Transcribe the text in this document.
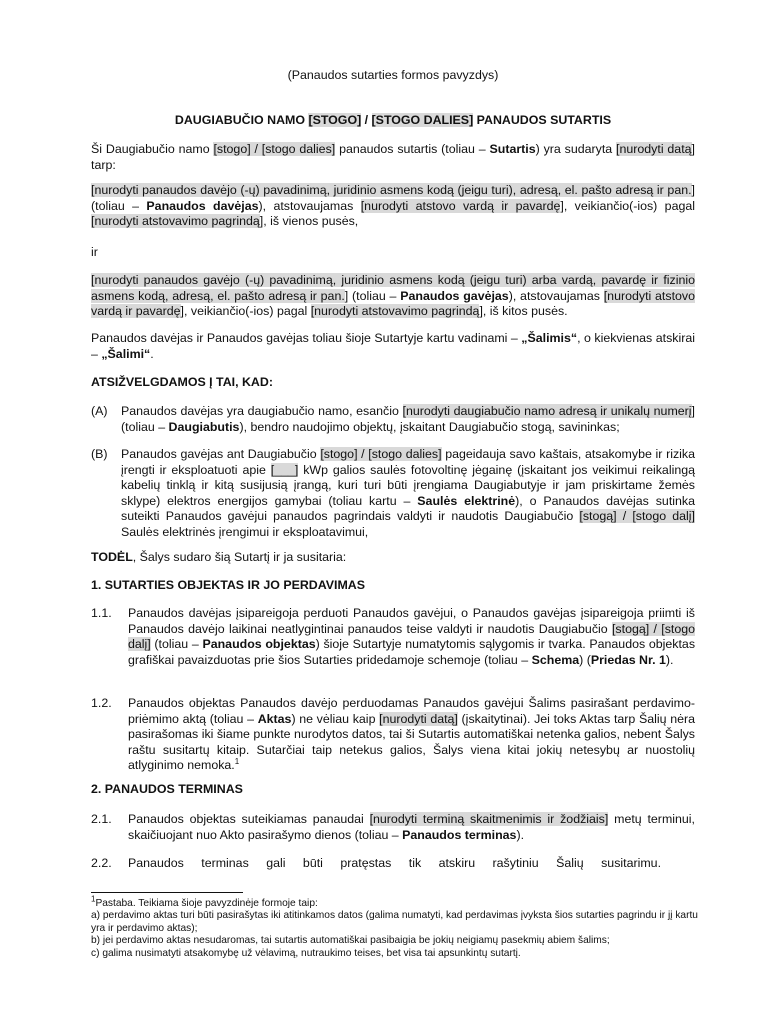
(Panaudos sutarties formos pavyzdys)
DAUGIABUČIO NAMO [STOGO] / [STOGO DALIES] PANAUDOS SUTARTIS
Ši Daugiabučio namo [stogo] / [stogo dalies] panaudos sutartis (toliau – Sutartis) yra sudaryta [nurodyti datą] tarp:
[nurodyti panaudos davėjo (-ų) pavadinimą, juridinio asmens kodą (jeigu turi), adresą, el. pašto adresą ir pan.] (toliau – Panaudos davėjas), atstovaujamas [nurodyti atstovo vardą ir pavardę], veikiančio(-ios) pagal [nurodyti atstovavimo pagrindą], iš vienos pusės,
ir
[nurodyti panaudos gavėjo (-ų) pavadinimą, juridinio asmens kodą (jeigu turi) arba vardą, pavardę ir fizinio asmens kodą, adresą, el. pašto adresą ir pan.] (toliau – Panaudos gavėjas), atstovaujamas [nurodyti atstovo vardą ir pavardę], veikiančio(-ios) pagal [nurodyti atstovavimo pagrindą], iš kitos pusės.
Panaudos davėjas ir Panaudos gavėjas toliau šioje Sutartyje kartu vadinami – „Šalimis“, o kiekvienas atskirai – „Šalimi“.
ATSIŽVELGDAMOS Į TAI, KAD:
(A) Panaudos davėjas yra daugiabučio namo, esančio [nurodyti daugiabučio namo adresą ir unikalų numerį] (toliau – Daugiabutis), bendro naudojimo objektų, įskaitant Daugiabučio stogą, savininkas;
(B) Panaudos gavėjas ant Daugiabučio [stogo] / [stogo dalies] pageidauja savo kaštais, atsakomybe ir rizika įrengti ir eksploatuoti apie [___] kWp galios saulės fotovoltinę jėgainę (įskaitant jos veikimui reikalingą kabelių tinklą ir kitą susijusią įrangą, kuri turi būti įrengiama Daugiabutyje ir jam priskirtame žemės sklype) elektros energijos gamybai (toliau kartu – Saulės elektrinė), o Panaudos davėjas sutinka suteikti Panaudos gavėjui panaudos pagrindais valdyti ir naudotis Daugiabučio [stogą] / [stogo dalį] Saulės elektrinės įrengimui ir eksploatavimui,
TODĖL, Šalys sudaro šią Sutartį ir ja susitaria:
1. SUTARTIES OBJEKTAS IR JO PERDAVIMAS
1.1. Panaudos davėjas įsipareigoja perduoti Panaudos gavėjui, o Panaudos gavėjas įsipareigoja priimti iš Panaudos davėjo laikinai neatlygintinai panaudos teise valdyti ir naudotis Daugiabučio [stogą] / [stogo dalį] (toliau – Panaudos objektas) šioje Sutartyje numatytomis sąlygomis ir tvarka. Panaudos objektas grafiškai pavaizduotas prie šios Sutarties pridedamoje schemoje (toliau – Schema) (Priedas Nr. 1).
1.2. Panaudos objektas Panaudos davėjo perduodamas Panaudos gavėjui Šalims pasirašant perdavimo-priėmimo aktą (toliau – Aktas) ne vėliau kaip [nurodyti datą] (įskaitytinai). Jei toks Aktas tarp Šalių nėra pasirašomas iki šiame punkte nurodytos datos, tai ši Sutartis automatiškai netenka galios, nebent Šalys raštu susitartų kitaip. Sutarčiai taip netekus galios, Šalys viena kitai jokių netesybų ar nuostolių atlyginimo nemoka.$^1$
2. PANAUDOS TERMINAS
2.1. Panaudos objektas suteikiamas panaudai [nurodyti terminą skaitmenimis ir žodžiais] metų terminui, skaičiuojant nuo Akto pasirašymo dienos (toliau – Panaudos terminas).
2.2. Panaudos terminas gali būti pratęstas tik atskiru rašytiniu Šalių susitarimu.
$^1$Pastaba. Teikiama šioje pavyzdinėje formoje taip:
a) perdavimo aktas turi būti pasirašytas iki atitinkamos datos (galima numatyti, kad perdavimas įvyksta šios sutarties pagrindu ir jį kartu yra ir perdavimo aktas);
b) jei perdavimo aktas nesudaromas, tai sutartis automatiškai pasibaigia be jokių neigiamų pasekmių abiem šalims;
c) galima nusimatyti atsakomybę už vėlavimą, nutraukimo teises, bet visa tai apsunkintų sutartį.
